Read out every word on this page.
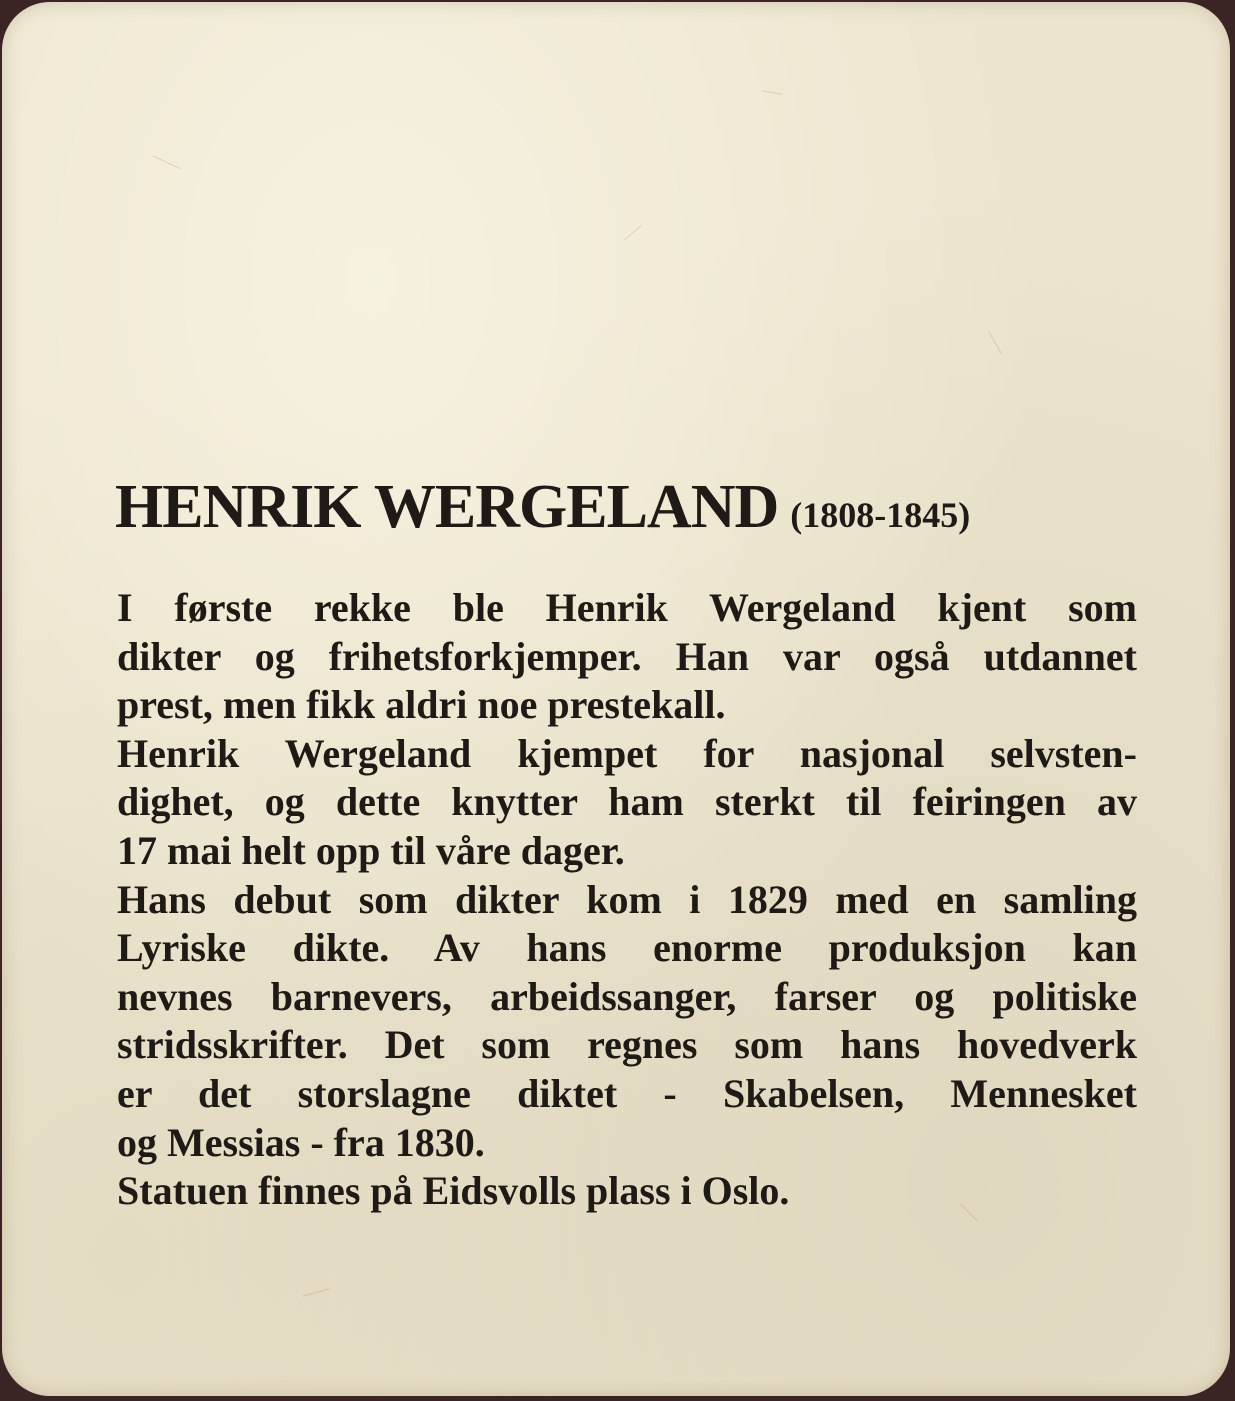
HENRIK WERGELAND (1808-1845)
I første rekke ble Henrik Wergeland kjent som
dikter og frihetsforkjemper. Han var også utdannet
prest, men fikk aldri noe prestekall.
Henrik Wergeland kjempet for nasjonal selvsten-
dighet, og dette knytter ham sterkt til feiringen av
17 mai helt opp til våre dager.
Hans debut som dikter kom i 1829 med en samling
Lyriske dikte. Av hans enorme produksjon kan
nevnes barnevers, arbeidssanger, farser og politiske
stridsskrifter. Det som regnes som hans hovedverk
er det storslagne diktet - Skabelsen, Mennesket
og Messias - fra 1830.
Statuen finnes på Eidsvolls plass i Oslo.
